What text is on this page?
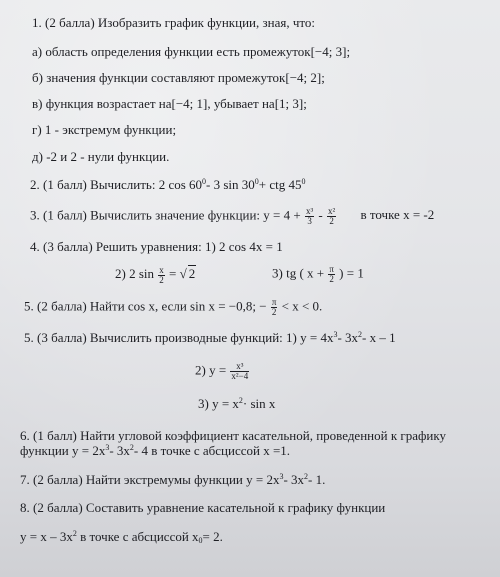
1. (2 балла) Изобразить график функции, зная, что:
а) область определения функции есть промежуток[−4; 3];
б) значения функции составляют промежуток[−4; 2];
в) функция возрастает на[−4; 1], убывает на[1; 3];
г) 1 - экстремум функции;
д) -2 и 2 - нули функции.
2. (1 балл) Вычислить: 2 $\cos 60^0-$ 3 $\sin 30^0+$ ctg $45^0$
3. (1 балл) Вычислить значение функции: $y = 4 + \frac{\text{x³}}{3} - \frac{\text{x²}}{2}$ в точке x = -2
4. (3 балла) Решить уравнения: 1) 2 cos 4x = 1
2) 2 $\sin \frac{x}{2}$ = √ 2	3) tg ( $x + \frac{\pi}{2}$ ) = 1
5. (2 балла) Найти cos x, если sin x = −0,8; − $\frac{\pi}{2} < x < 0$.
5. (3 балла) Вычислить производные функций: 1) $y = 4x^3-$ $3x^2-$ x – 1
2) $y = \frac{\text{x³}}{\text{x²−4}}$
3) $y = x^2\cdot \sin x$
6. (1 балл) Найти угловой коэффициент касательной, проведенной к графику
функции $y = 2x^3-$ $3x^2-$ 4 в точке с абсциссой x =1.
7. (2 балла) Найти экстремумы функции $y = 2x^3-$ $3x^2-$ 1.
8. (2 балла) Составить уравнение касательной к графику функции
$y = x - 3x^2$ в точке с абсциссой $x_0= 2$.
